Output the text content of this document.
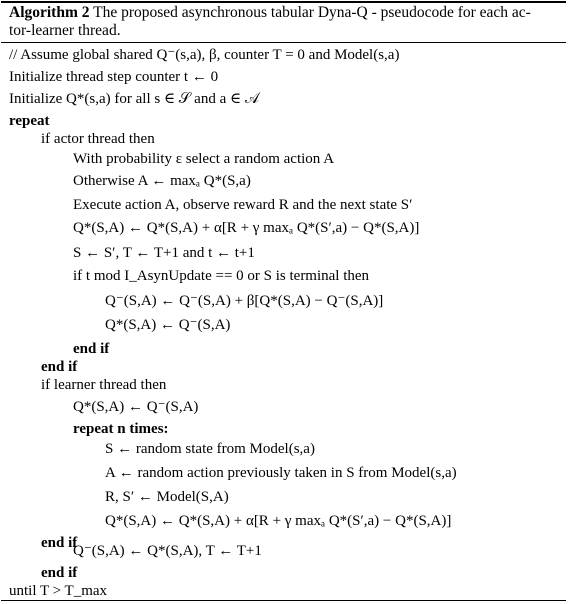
Algorithm 2 The proposed asynchronous tabular Dyna-Q - pseudocode for each ac-
tor-learner thread.
// Assume global shared Q⁻(s,a), β, counter T = 0 and Model(s,a)
Initialize thread step counter t ← 0
Initialize Q*(s,a) for all s ∈ 𝒮 and a ∈ 𝒜
repeat
if actor thread then
With probability ε select a random action A
Otherwise A ← maxₐ Q*(S,a)
Execute action A, observe reward R and the next state S′
Q*(S,A) ← Q*(S,A) + α[R + γ maxₐ Q*(S′,a) − Q*(S,A)]
S ← S′, T ← T+1 and t ← t+1
if t mod I_AsynUpdate == 0 or S is terminal then
Q⁻(S,A) ← Q⁻(S,A) + β[Q*(S,A) − Q⁻(S,A)]
Q*(S,A) ← Q⁻(S,A)
end if
end if
if learner thread then
Q*(S,A) ← Q⁻(S,A)
repeat n times:
S ← random state from Model(s,a)
A ← random action previously taken in S from Model(s,a)
R, S′ ← Model(S,A)
Q*(S,A) ← Q*(S,A) + α[R + γ maxₐ Q*(S′,a) − Q*(S,A)]
end if
Q⁻(S,A) ← Q*(S,A), T ← T+1
end if
until T > T_max
